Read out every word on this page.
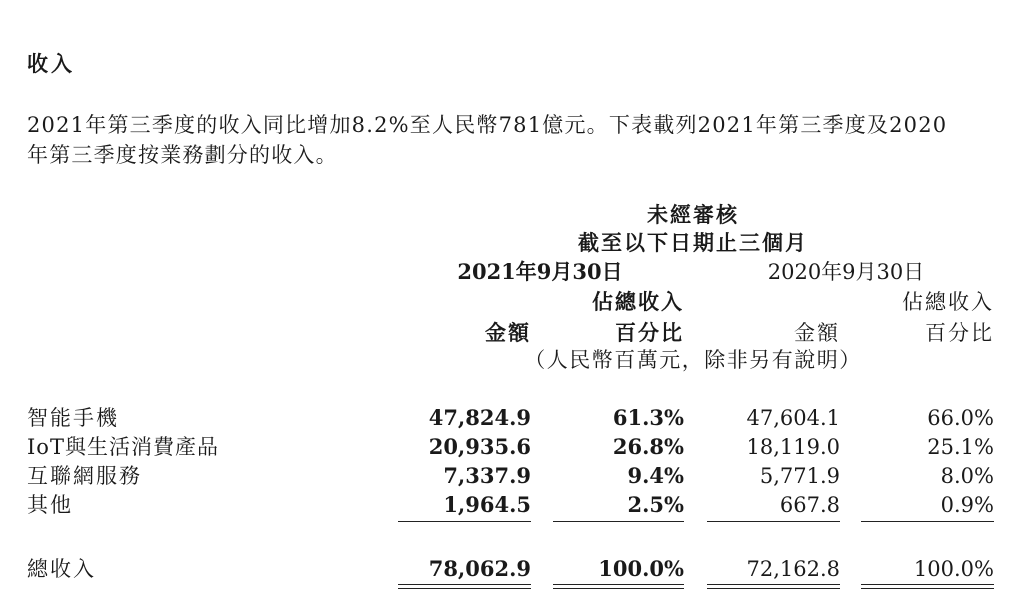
收入
2021年第三季度的收入同比增加8.2%至人民幣781億元。下表載列2021年第三季度及2020
年第三季度按業務劃分的收入。
未經審核
截至以下日期止三個月
2021年9月30日	2020年9月30日
佔總收入	佔總收入
金額	百分比	金額	百分比
（人民幣百萬元，除非另有說明）
智能手機	47,824.9	61.3%	47,604.1	66.0%
IoT與生活消費產品	20,935.6	26.8%	18,119.0	25.1%
互聯網服務	7,337.9	9.4%	5,771.9	8.0%
其他	1,964.5	2.5%	667.8	0.9%
總收入	78,062.9	100.0%	72,162.8	100.0%
